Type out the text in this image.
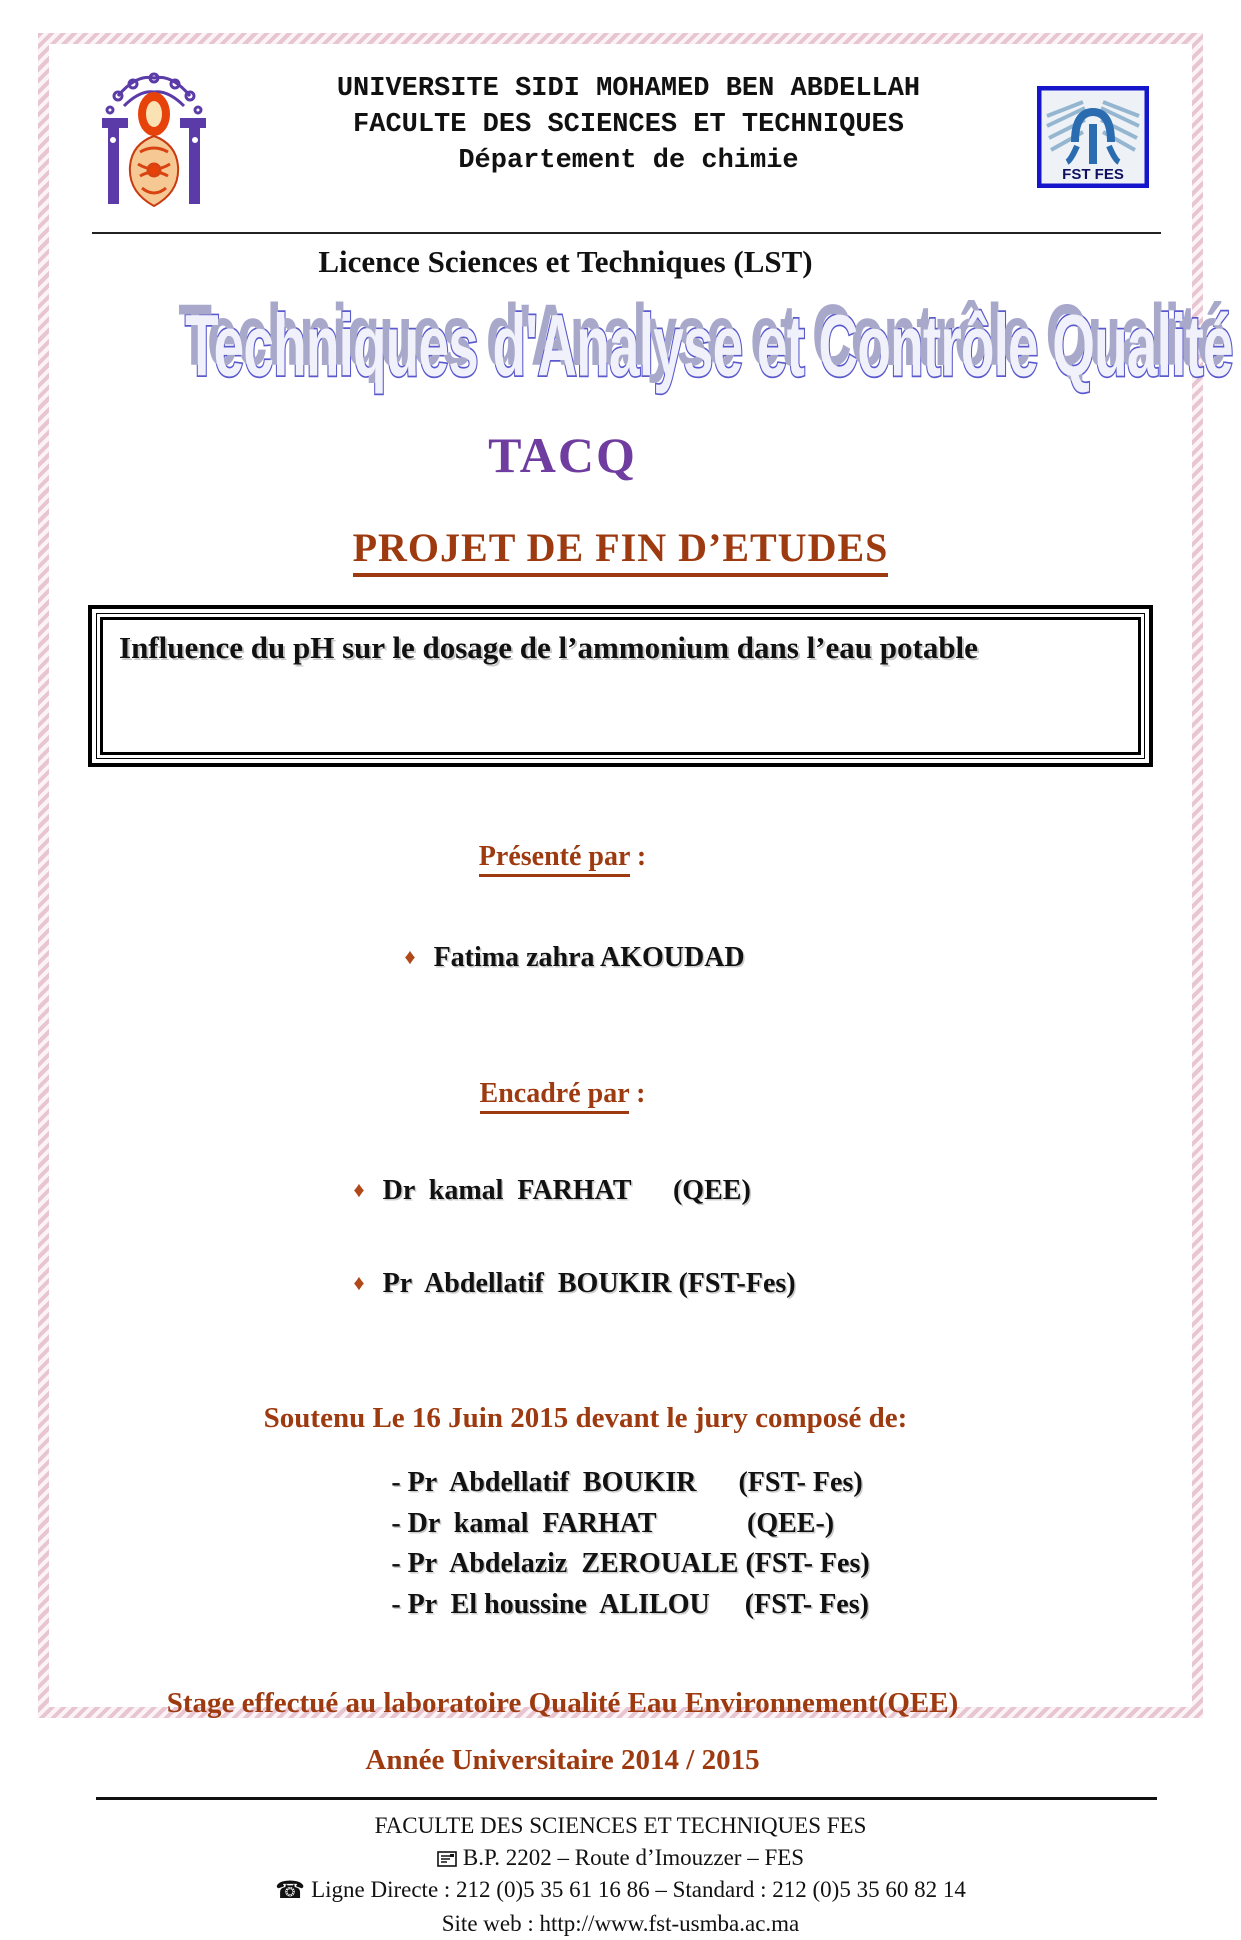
UNIVERSITE SIDI MOHAMED BEN ABDELLAH
FACULTE DES SCIENCES ET TECHNIQUES
Département de chimie	FST FES
Licence Sciences et Techniques (LST)
Techniques d'Analyse et Contrôle Qualité
TACQ
PROJET DE FIN D’ETUDES
Influence du pH sur le dosage de l’ammonium dans l’eau potable
Présenté par :

♦ Fatima zahra AKOUDAD

Encadré par :

♦ Dr  kamal  FARHAT      (QEE)

♦ Pr  Abdellatif  BOUKIR (FST-Fes)

Soutenu Le 16 Juin 2015 devant le jury composé de:
- Pr  Abdellatif  BOUKIR      (FST- Fes)
- Dr  kamal  FARHAT             (QEE-)
- Pr  Abdelaziz  ZEROUALE (FST- Fes)
- Pr  El houssine  ALILOU     (FST- Fes)
Stage effectué au laboratoire Qualité Eau Environnement(QEE)
Année Universitaire 2014 / 2015
FACULTE DES SCIENCES ET TECHNIQUES FES
B.P. 2202 – Route d’Imouzzer – FES
☎ Ligne Directe : 212 (0)5 35 61 16 86 – Standard : 212 (0)5 35 60 82 14
Site web : http://www.fst-usmba.ac.ma
